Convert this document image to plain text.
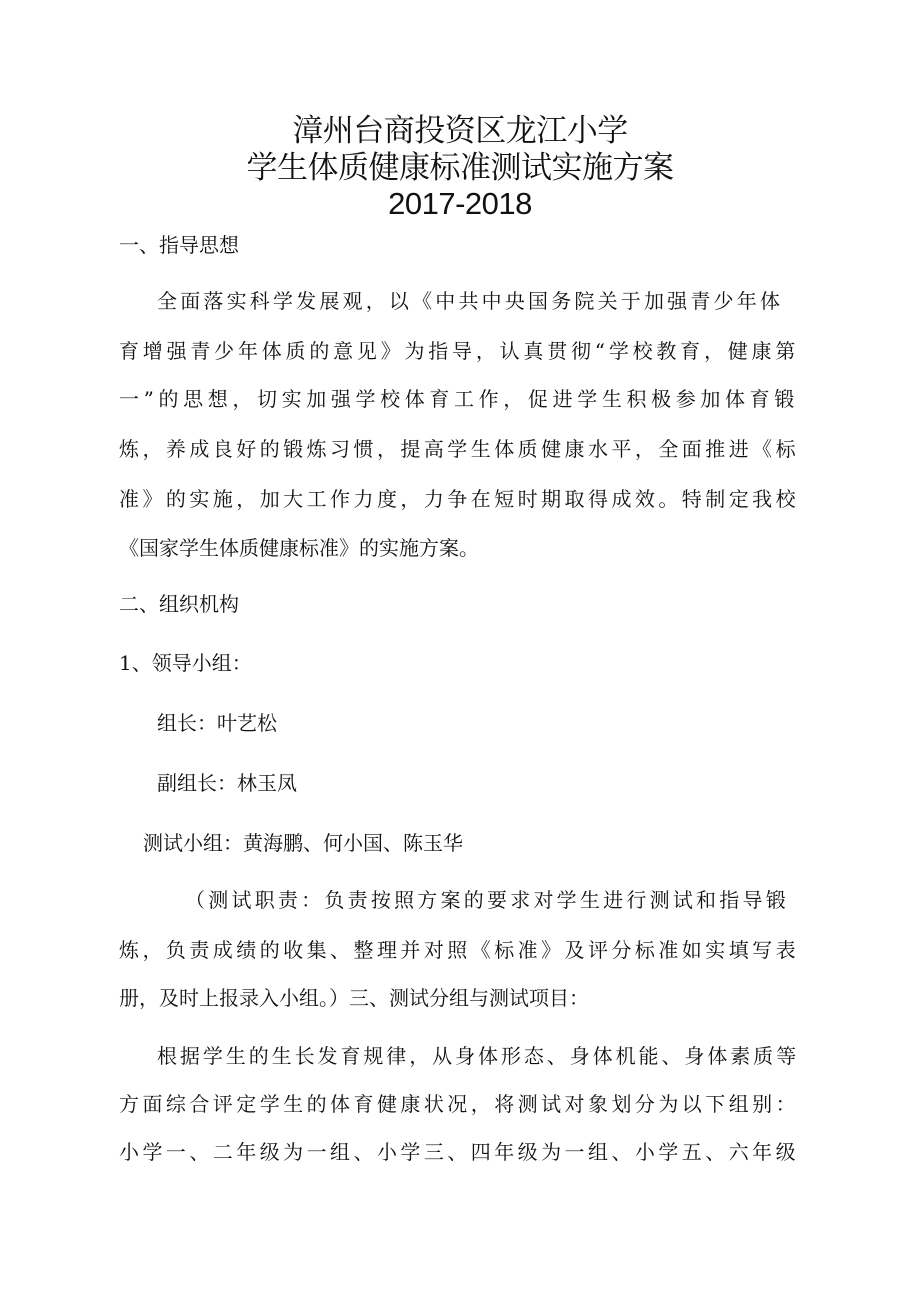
漳州台商投资区龙江小学
学生体质健康标准测试实施方案
2017-2018
一、指导思想
全面落实科学发展观，以《中共中央国务院关于加强青少年体
育增强青少年体质的意见》为指导，认真贯彻“学校教育，健康第
一”的思想，切实加强学校体育工作，促进学生积极参加体育锻
炼，养成良好的锻炼习惯，提高学生体质健康水平，全面推进《标
准》的实施，加大工作力度，力争在短时期取得成效。特制定我校
《国家学生体质健康标准》的实施方案。
二、组织机构
1、领导小组：
组长：叶艺松
副组长：林玉凤
测试小组：黄海鹏、何小国、陈玉华
（测试职责：负责按照方案的要求对学生进行测试和指导锻
炼，负责成绩的收集、整理并对照《标准》及评分标准如实填写表
册，及时上报录入小组。）三、测试分组与测试项目：
根据学生的生长发育规律，从身体形态、身体机能、身体素质等
方面综合评定学生的体育健康状况，将测试对象划分为以下组别：
小学一、二年级为一组、小学三、四年级为一组、小学五、六年级
